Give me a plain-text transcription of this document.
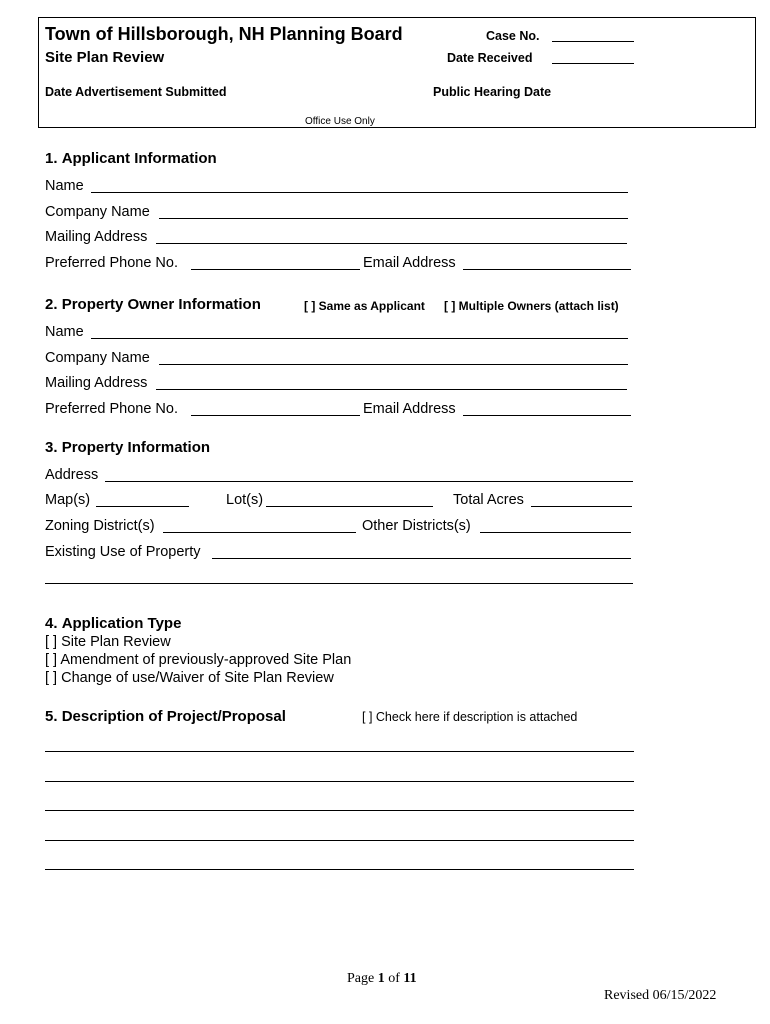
Town of Hillsborough, NH Planning Board
Site Plan Review
Case No.
Date Received
Date Advertisement Submitted	Public Hearing Date
Office Use Only
1. Applicant Information
Name
Company Name
Mailing Address
Preferred Phone No.	Email Address
2. Property Owner Information	[ ] Same as Applicant [ ] Multiple Owners (attach list)
Name
Company Name
Mailing Address
Preferred Phone No.	Email Address
3. Property Information
Address
Map(s)	Lot(s)	Total Acres
Zoning District(s)	Other Districts(s)
Existing Use of Property
4. Application Type
[ ] Site Plan Review
[ ] Amendment of previously-approved Site Plan
[ ] Change of use/Waiver of Site Plan Review
5. Description of Project/Proposal	[ ] Check here if description is attached
Page 1 of 11
Revised 06/15/2022
